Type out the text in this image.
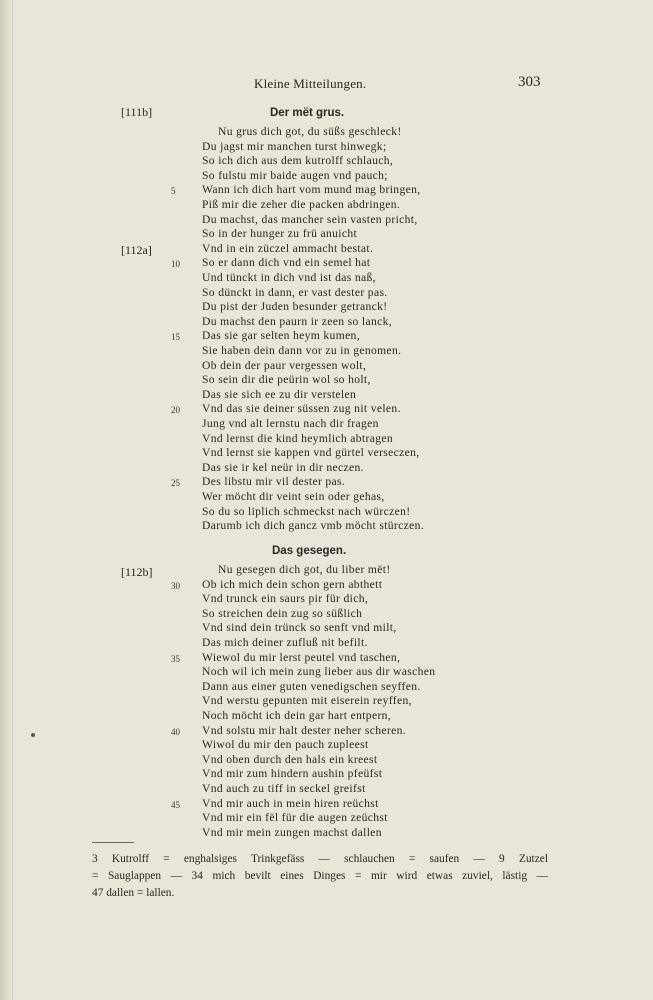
Kleine Mitteilungen.	303
[111b]	Der mët grus.
[112a]
Nu grus dich got, du süßs geschleck!
Du jagst mir manchen turst hinwegk;
So ich dich aus dem kutrolff schlauch,
So fulstu mir baide augen vnd pauch;
Wann ich dich hart vom mund mag bringen,
Piß mir die zeher die packen abdringen.
Du machst, das mancher sein vasten pricht,
So in der hunger zu frü anuicht
Vnd in ein züczel ammacht bestat.
So er dann dich vnd ein semel hat
Und tünckt in dich vnd ist das naß,
So dünckt in dann, er vast dester pas.
Du pist der Juden besunder getranck!
Du machst den paurn ir zeen so lanck,
Das sie gar selten heym kumen,
Sie haben dein dann vor zu in genomen.
Ob dein der paur vergessen wolt,
So sein dir die peürin wol so holt,
Das sie sich ee zu dir verstelen
Vnd das sie deiner süssen zug nit velen.
Jung vnd alt lernstu nach dir fragen
Vnd lernst die kind heymlich abtragen
Vnd lernst sie kappen vnd gürtel verseczen,
Das sie ir kel neür in dir neczen.
Des libstu mir vil dester pas.
Wer möcht dir veint sein oder gehas,
So du so liplich schmeckst nach würczen!
Darumb ich dich gancz vmb möcht stürczen.
5
10
15
20
25
Das gesegen.
[112b]	Nu gesegen dich got, du liber mët!
Ob ich mich dein schon gern abthett
Vnd trunck ein saurs pir für dich,
So streichen dein zug so süßlich
Vnd sind dein trünck so senft vnd milt,
Das mich deiner zufluß nit befilt.
Wiewol du mir lerst peutel vnd taschen,
Noch wil ich mein zung lieber aus dir waschen
Dann aus einer guten venedigschen seyffen.
Vnd werstu gepunten mit eiserein reyffen,
Noch möcht ich dein gar hart entpern,
Vnd solstu mir halt dester neher scheren.
Wiwol du mir den pauch zupleest
Vnd oben durch den hals ein kreest
Vnd mir zum hindern aushin pfeüfst
Vnd auch zu tiff in seckel greifst
Vnd mir auch in mein hiren reüchst
Vnd mir ein fël für die augen zeüchst
Vnd mir mein zungen machst dallen
30
35
40
45
3 Kutrolff = enghalsiges Trinkgefäss — schlauchen = saufen — 9 Zutzel
= Sauglappen — 34 mich bevilt eines Dinges = mir wird etwas zuviel, lästig —
47 dallen = lallen.
